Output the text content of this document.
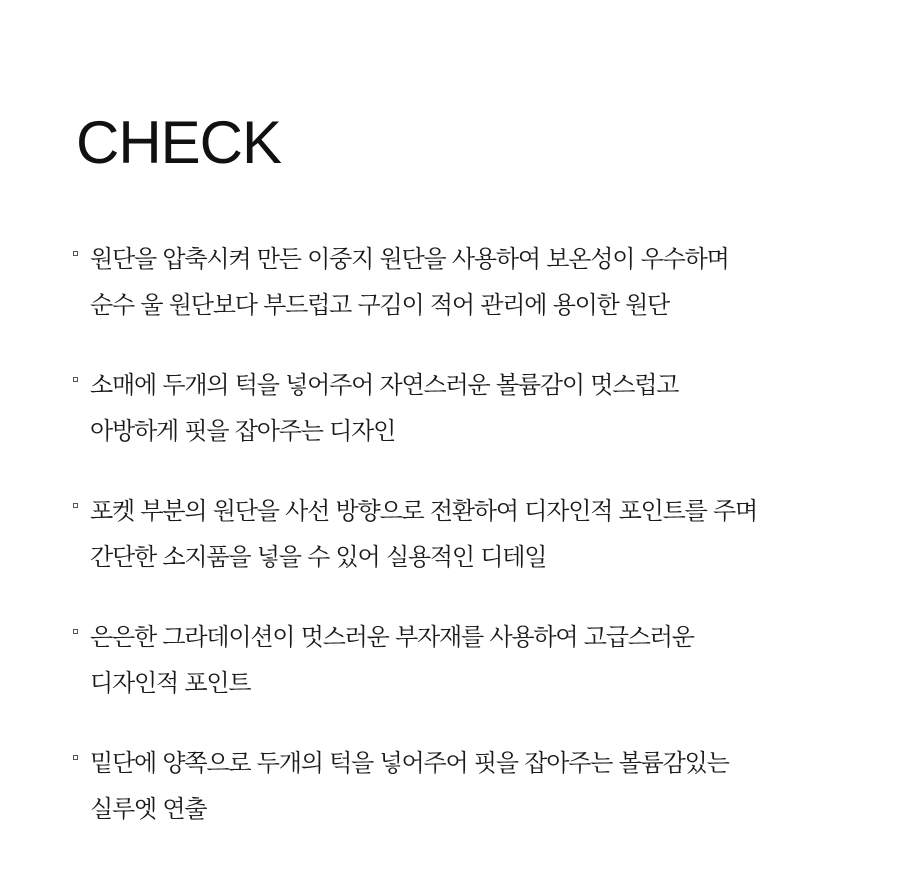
CHECK
원단을 압축시켜 만든 이중지 원단을 사용하여 보온성이 우수하며
순수 울 원단보다 부드럽고 구김이 적어 관리에 용이한 원단
소매에 두개의 턱을 넣어주어 자연스러운 볼륨감이 멋스럽고
아방하게 핏을 잡아주는 디자인
포켓 부분의 원단을 사선 방향으로 전환하여 디자인적 포인트를 주며
간단한 소지품을 넣을 수 있어 실용적인 디테일
은은한 그라데이션이 멋스러운 부자재를 사용하여 고급스러운
디자인적 포인트
밑단에 양쪽으로 두개의 턱을 넣어주어 핏을 잡아주는 볼륨감있는
실루엣 연출
